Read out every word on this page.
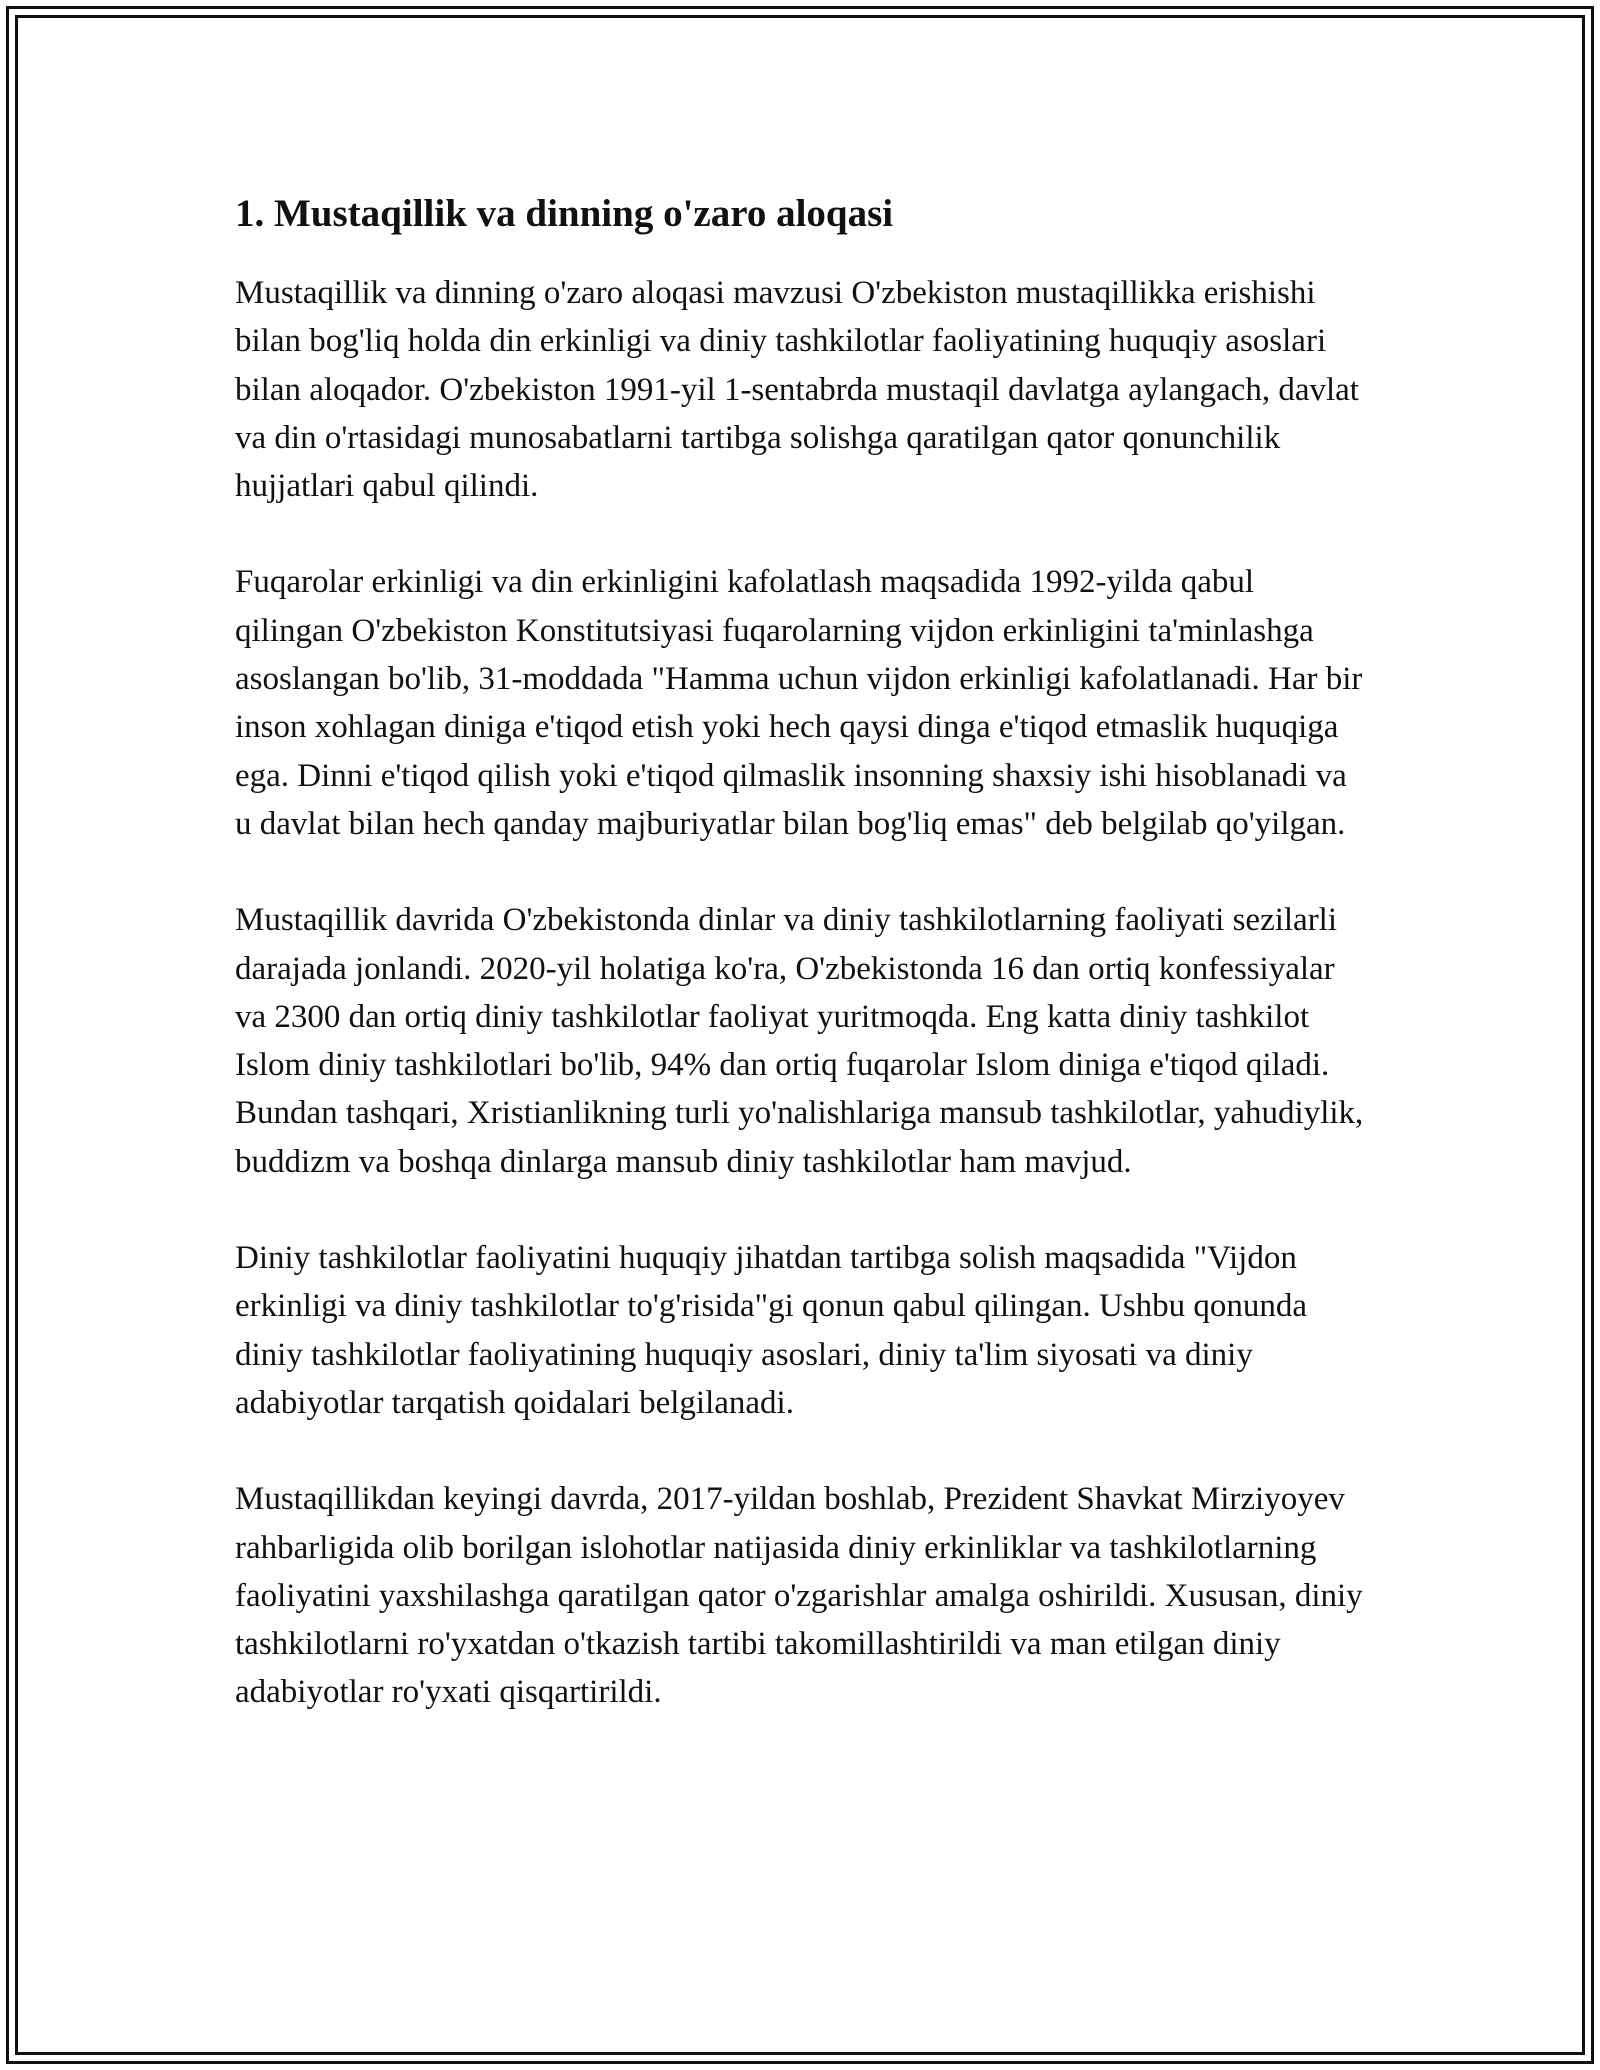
1. Mustaqillik va dinning o'zaro aloqasi

Mustaqillik va dinning o'zaro aloqasi mavzusi O'zbekiston mustaqillikka erishishi bilan bog'liq holda din erkinligi va diniy tashkilotlar faoliyatining huquqiy asoslari bilan aloqador. O'zbekiston 1991-yil 1-sentabrda mustaqil davlatga aylangach, davlat va din o'rtasidagi munosabatlarni tartibga solishga qaratilgan qator qonunchilik hujjatlari qabul qilindi.

Fuqarolar erkinligi va din erkinligini kafolatlash maqsadida 1992-yilda qabul qilingan O'zbekiston Konstitutsiyasi fuqarolarning vijdon erkinligini ta'minlashga asoslangan bo'lib, 31-moddada "Hamma uchun vijdon erkinligi kafolatlanadi. Har bir inson xohlagan diniga e'tiqod etish yoki hech qaysi dinga e'tiqod etmaslik huquqiga ega. Dinni e'tiqod qilish yoki e'tiqod qilmaslik insonning shaxsiy ishi hisoblanadi va u davlat bilan hech qanday majburiyatlar bilan bog'liq emas" deb belgilab qo'yilgan.

Mustaqillik davrida O'zbekistonda dinlar va diniy tashkilotlarning faoliyati sezilarli darajada jonlandi. 2020-yil holatiga ko'ra, O'zbekistonda 16 dan ortiq konfessiyalar va 2300 dan ortiq diniy tashkilotlar faoliyat yuritmoqda. Eng katta diniy tashkilot Islom diniy tashkilotlari bo'lib, 94% dan ortiq fuqarolar Islom diniga e'tiqod qiladi. Bundan tashqari, Xristianlikning turli yo'nalishlariga mansub tashkilotlar, yahudiylik, buddizm va boshqa dinlarga mansub diniy tashkilotlar ham mavjud.

Diniy tashkilotlar faoliyatini huquqiy jihatdan tartibga solish maqsadida "Vijdon erkinligi va diniy tashkilotlar to'g'risida"gi qonun qabul qilingan. Ushbu qonunda diniy tashkilotlar faoliyatining huquqiy asoslari, diniy ta'lim siyosati va diniy adabiyotlar tarqatish qoidalari belgilanadi.

Mustaqillikdan keyingi davrda, 2017-yildan boshlab, Prezident Shavkat Mirziyoyev rahbarligida olib borilgan islohotlar natijasida diniy erkinliklar va tashkilotlarning faoliyatini yaxshilashga qaratilgan qator o'zgarishlar amalga oshirildi. Xususan, diniy tashkilotlarni ro'yxatdan o'tkazish tartibi takomillashtirildi va man etilgan diniy adabiyotlar ro'yxati qisqartirildi.
